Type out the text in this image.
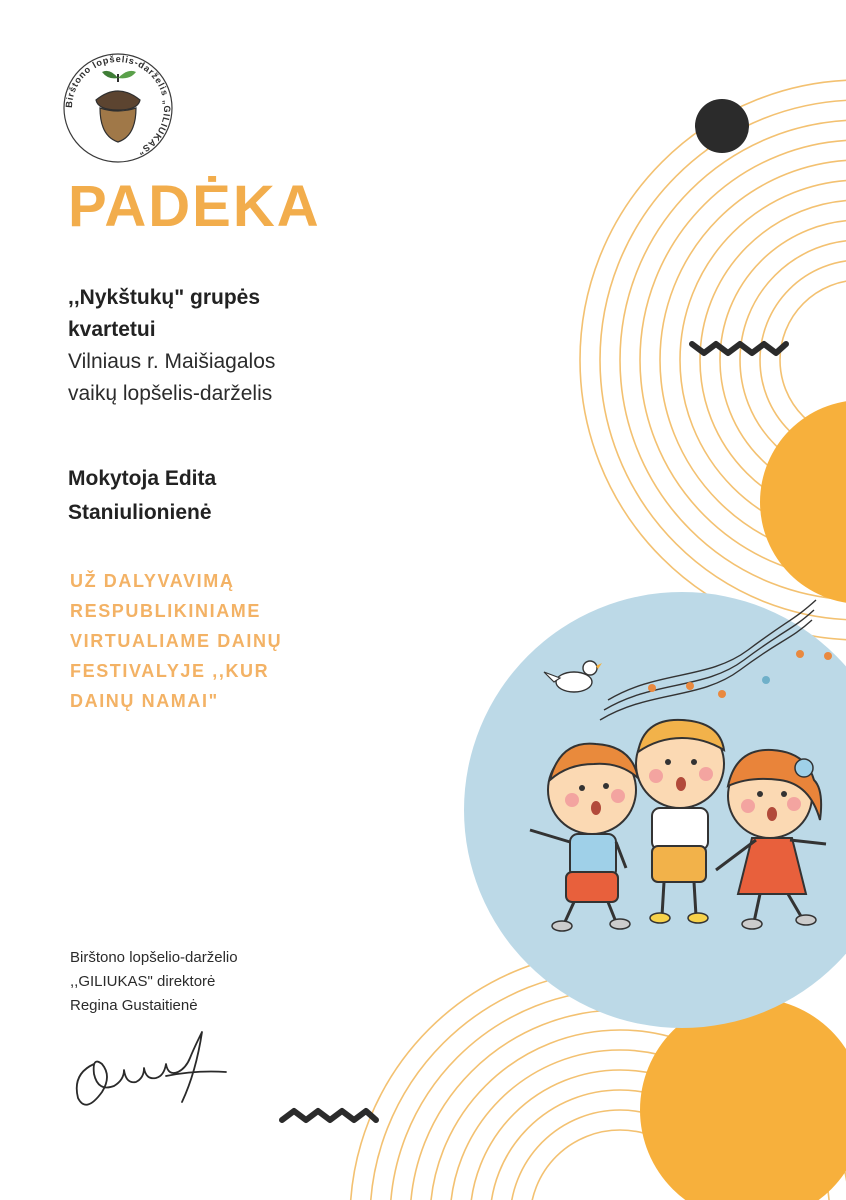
Birštono lopšelis-darželis „GILIUKAS"
PADĖKA
,,Nykštukų" grupės
kvartetui
Vilniaus r. Maišiagalos
vaikų lopšelis-darželis
Mokytoja Edita
Staniulionienė
UŽ DALYVAVIMĄ
RESPUBLIKINIAME
VIRTUALIAME DAINŲ
FESTIVALYJE ,,KUR
DAINŲ NAMAI"
Birštono lopšelio-darželio
,,GILIUKAS" direktorė
Regina Gustaitienė
